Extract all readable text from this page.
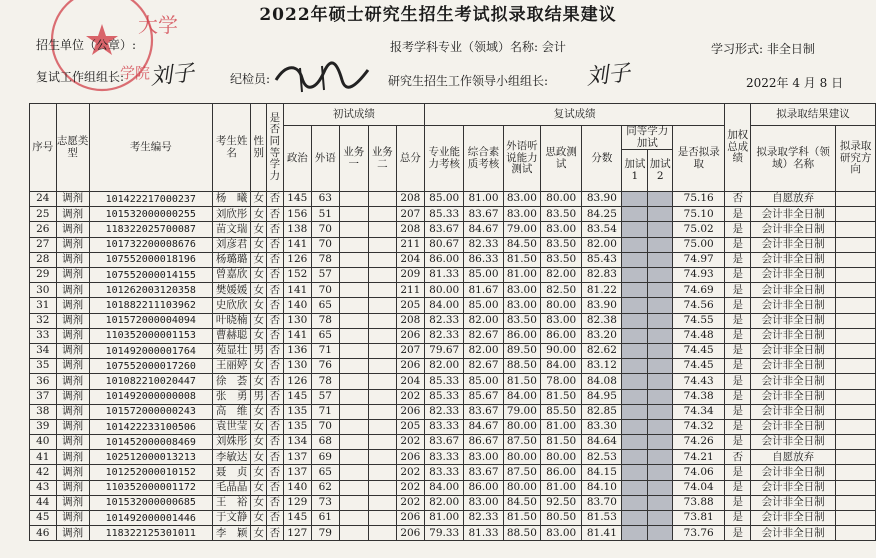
大学
学院
2022年硕士研究生招生考试拟录取结果建议
招生单位（公章）:	报考学科专业（领域）名称: 会计	学习形式: 非全日制
复试工作组组长: 刘子	纪检员:	研究生招生工作领导小组组长: 刘子	2022年 4 月 8 日
序号	志愿类型	考生编号	考生姓名	性别	是否同等学力	初试成绩					复试成绩								加权总成绩	拟录取结果建议	
						政治	外语	业务一	业务二	总分	专业能力考核	综合素质考核	外语听说能力测试	思政测试	分数	同等学力加试		是否拟录取		拟录取学科（领域）名称	拟录取研究方向
																加试1	加试2				

24	调剂	101422217000237	杨　曦	女	否	145	63			208	85.00	81.00	83.00	80.00	83.90			75.16	否	自愿放弃	
25	调剂	101532000000255	刘欣彤	女	否	156	51			207	85.33	83.67	83.00	83.50	84.25			75.10	是	会计非全日制	
26	调剂	118322025700087	苗文瑞	女	否	138	70			208	83.67	84.67	79.00	83.00	83.54			75.02	是	会计非全日制	
27	调剂	101732200008676	刘彦君	女	否	141	70			211	80.67	82.33	84.50	83.50	82.00			75.00	是	会计非全日制	
28	调剂	107552000018196	杨璐璐	女	否	126	78			204	86.00	86.33	81.50	83.50	85.43			74.97	是	会计非全日制	
29	调剂	107552000014155	曾嘉欣	女	否	152	57			209	81.33	85.00	81.00	82.00	82.83			74.93	是	会计非全日制	
30	调剂	101262003120358	樊媛媛	女	否	141	70			211	80.00	81.67	83.00	82.50	81.22			74.69	是	会计非全日制	
31	调剂	101882211103962	史欣欣	女	否	140	65			205	84.00	85.00	83.00	80.00	83.90			74.56	是	会计非全日制	
32	调剂	101572000004094	叶晓楠	女	否	130	78			208	82.33	82.00	83.50	83.00	82.38			74.55	是	会计非全日制	
33	调剂	110352000001153	曹赫聪	女	否	141	65			206	82.33	82.67	86.00	86.00	83.20			74.48	是	会计非全日制	
34	调剂	101492000001764	苑显壮	男	否	136	71			207	79.67	82.00	89.50	90.00	82.62			74.45	是	会计非全日制	
35	调剂	107552000017260	王丽婷	女	否	130	76			206	82.00	82.67	88.50	84.00	83.12			74.45	是	会计非全日制	
36	调剂	101082210020447	徐　荟	女	否	126	78			204	85.33	85.00	81.50	78.00	84.08			74.43	是	会计非全日制	
37	调剂	101492000000008	张　勇	男	否	145	57			202	85.33	85.67	84.00	81.50	84.95			74.38	是	会计非全日制	
38	调剂	101572000000243	高　维	女	否	135	71			206	82.33	83.67	79.00	85.50	82.85			74.34	是	会计非全日制	
39	调剂	101422233100506	袁世莹	女	否	135	70			205	83.33	84.67	80.00	81.00	83.30			74.32	是	会计非全日制	
40	调剂	101452000008469	刘姝彤	女	否	134	68			202	83.67	86.67	87.50	81.50	84.64			74.26	是	会计非全日制	
41	调剂	102512000013213	李敏达	女	否	137	69			206	83.33	83.00	80.00	80.00	82.53			74.21	否	自愿放弃	
42	调剂	101252000010152	聂　贞	女	否	137	65			202	83.33	83.67	87.50	86.00	84.15			74.06	是	会计非全日制	
43	调剂	110352000001172	毛晶晶	女	否	140	62			202	84.00	86.00	80.00	81.00	84.10			74.04	是	会计非全日制	
44	调剂	101532000000685	王　裕	女	否	129	73			202	82.00	83.00	84.50	92.50	83.70			73.88	是	会计非全日制	
45	调剂	101492000001446	于文静	女	否	145	61			206	81.00	82.33	81.50	80.50	81.53			73.81	是	会计非全日制	
46	调剂	118322125301011	李　颖	女	否	127	79			206	79.33	81.33	88.50	83.00	81.41			73.76	是	会计非全日制	
